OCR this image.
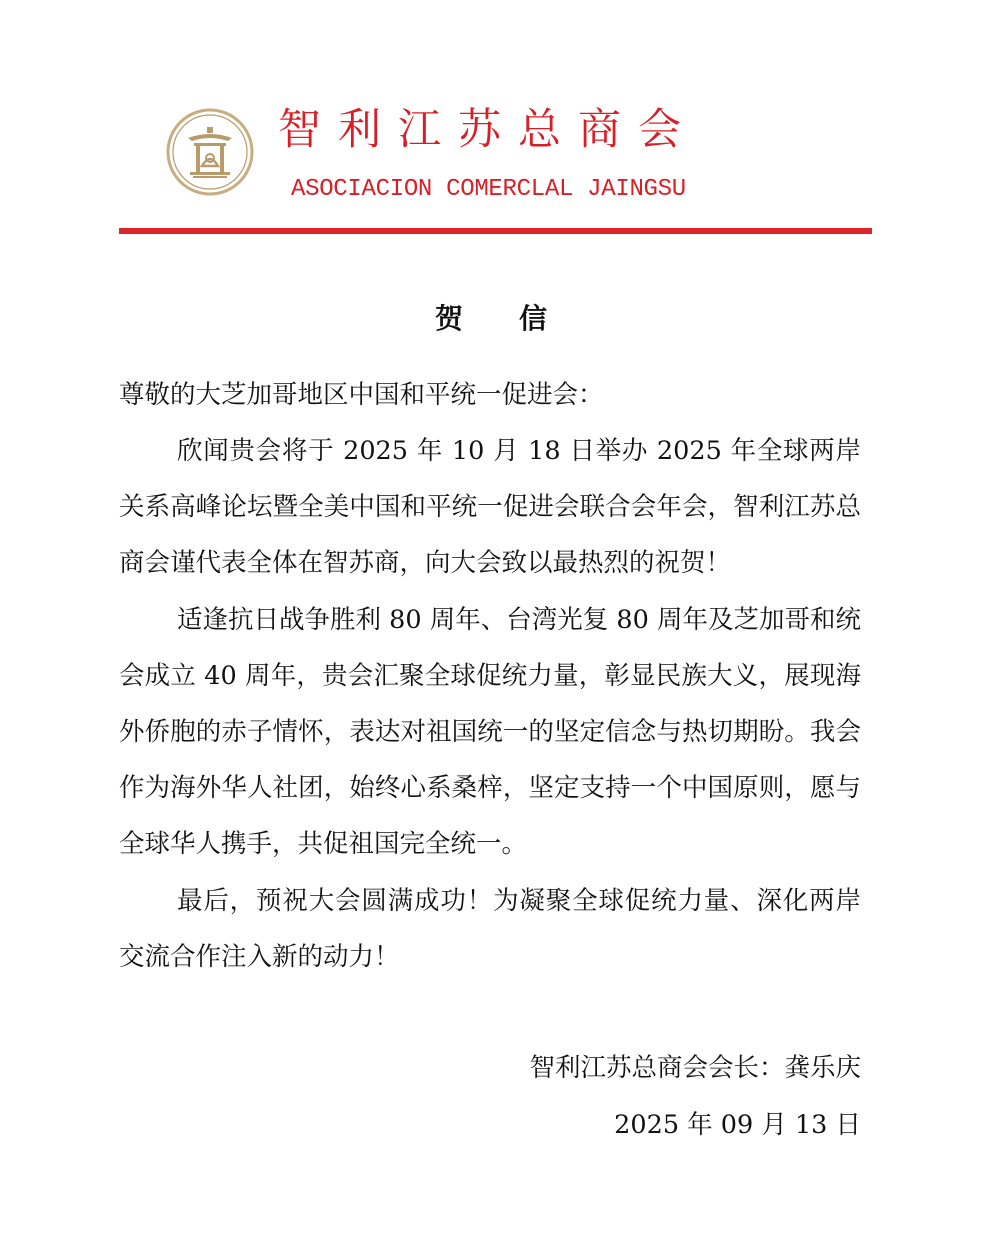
智利江苏总商会
ASOCIACION COMERCLAL JAINGSU
贺信
尊敬的大芝加哥地区中国和平统一促进会：
欣闻贵会将于 2025 年 10 月 18 日举办 2025 年全球两岸关系高峰论坛暨全美中国和平统一促进会联合会年会，智利江苏总商会谨代表全体在智苏商，向大会致以最热烈的祝贺！
适逢抗日战争胜利 80 周年、台湾光复 80 周年及芝加哥和统会成立 40 周年，贵会汇聚全球促统力量，彰显民族大义，展现海外侨胞的赤子情怀，表达对祖国统一的坚定信念与热切期盼。我会作为海外华人社团，始终心系桑梓，坚定支持一个中国原则，愿与全球华人携手，共促祖国完全统一。
最后，预祝大会圆满成功！为凝聚全球促统力量、深化两岸交流合作注入新的动力！
智利江苏总商会会长：龚乐庆
2025 年 09 月 13 日
